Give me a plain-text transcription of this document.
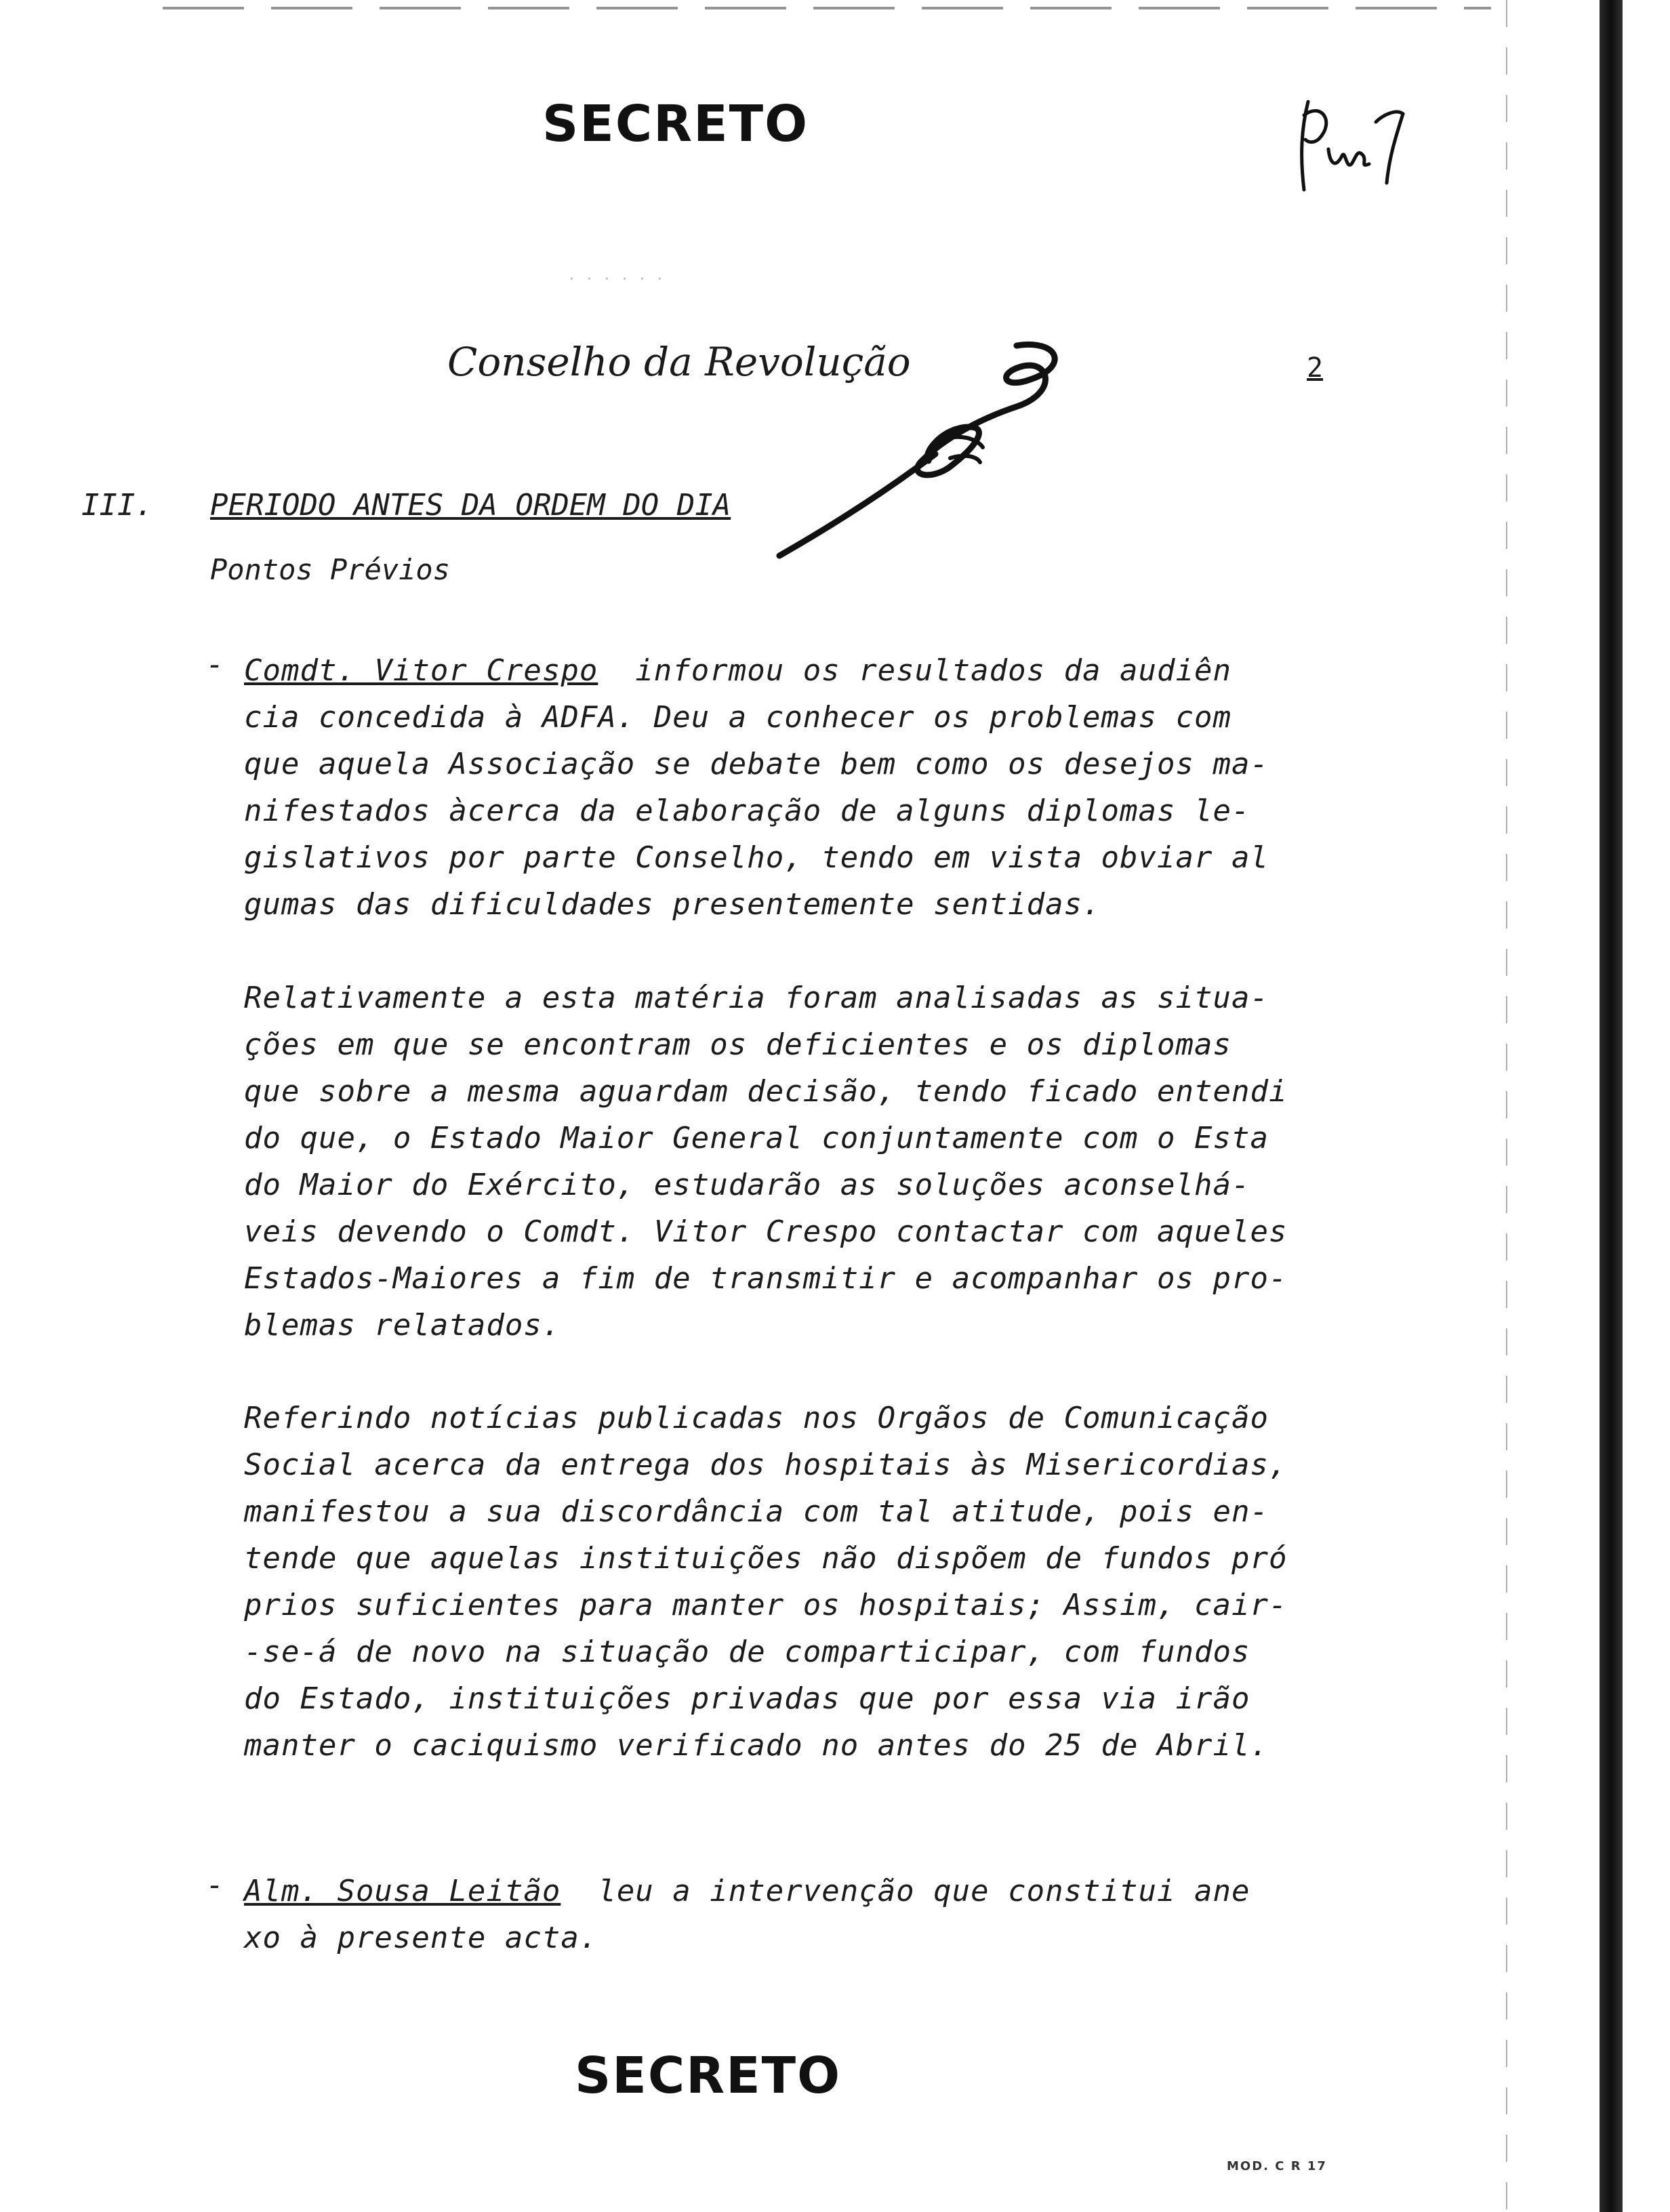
SECRETO
· · · · · ·
Conselho da Revolução	2
III. PERIODO ANTES DA ORDEM DO DIA
Pontos Prévios
- Comdt. Vitor Crespo informou os resultados da audiên
cia concedida à ADFA. Deu a conhecer os problemas com
que aquela Associação se debate bem como os desejos ma-
nifestados àcerca da elaboração de alguns diplomas le-
gislativos por parte Conselho, tendo em vista obviar al
gumas das dificuldades presentemente sentidas.
Relativamente a esta matéria foram analisadas as situa-
ções em que se encontram os deficientes e os diplomas
que sobre a mesma aguardam decisão, tendo ficado entendi
do que, o Estado Maior General conjuntamente com o Esta
do Maior do Exército, estudarão as soluções aconselhá-
veis devendo o Comdt. Vitor Crespo contactar com aqueles
Estados-Maiores a fim de transmitir e acompanhar os pro-
blemas relatados.
Referindo notícias publicadas nos Orgãos de Comunicação
Social acerca da entrega dos hospitais às Misericordias,
manifestou a sua discordância com tal atitude, pois en-
tende que aquelas instituições não dispõem de fundos pró
prios suficientes para manter os hospitais; Assim, cair-
-se-á de novo na situação de comparticipar, com fundos
do Estado, instituições privadas que por essa via irão
manter o caciquismo verificado no antes do 25 de Abril.
- Alm. Sousa Leitão leu a intervenção que constitui ane
xo à presente acta.
SECRETO
MOD. C R 17
